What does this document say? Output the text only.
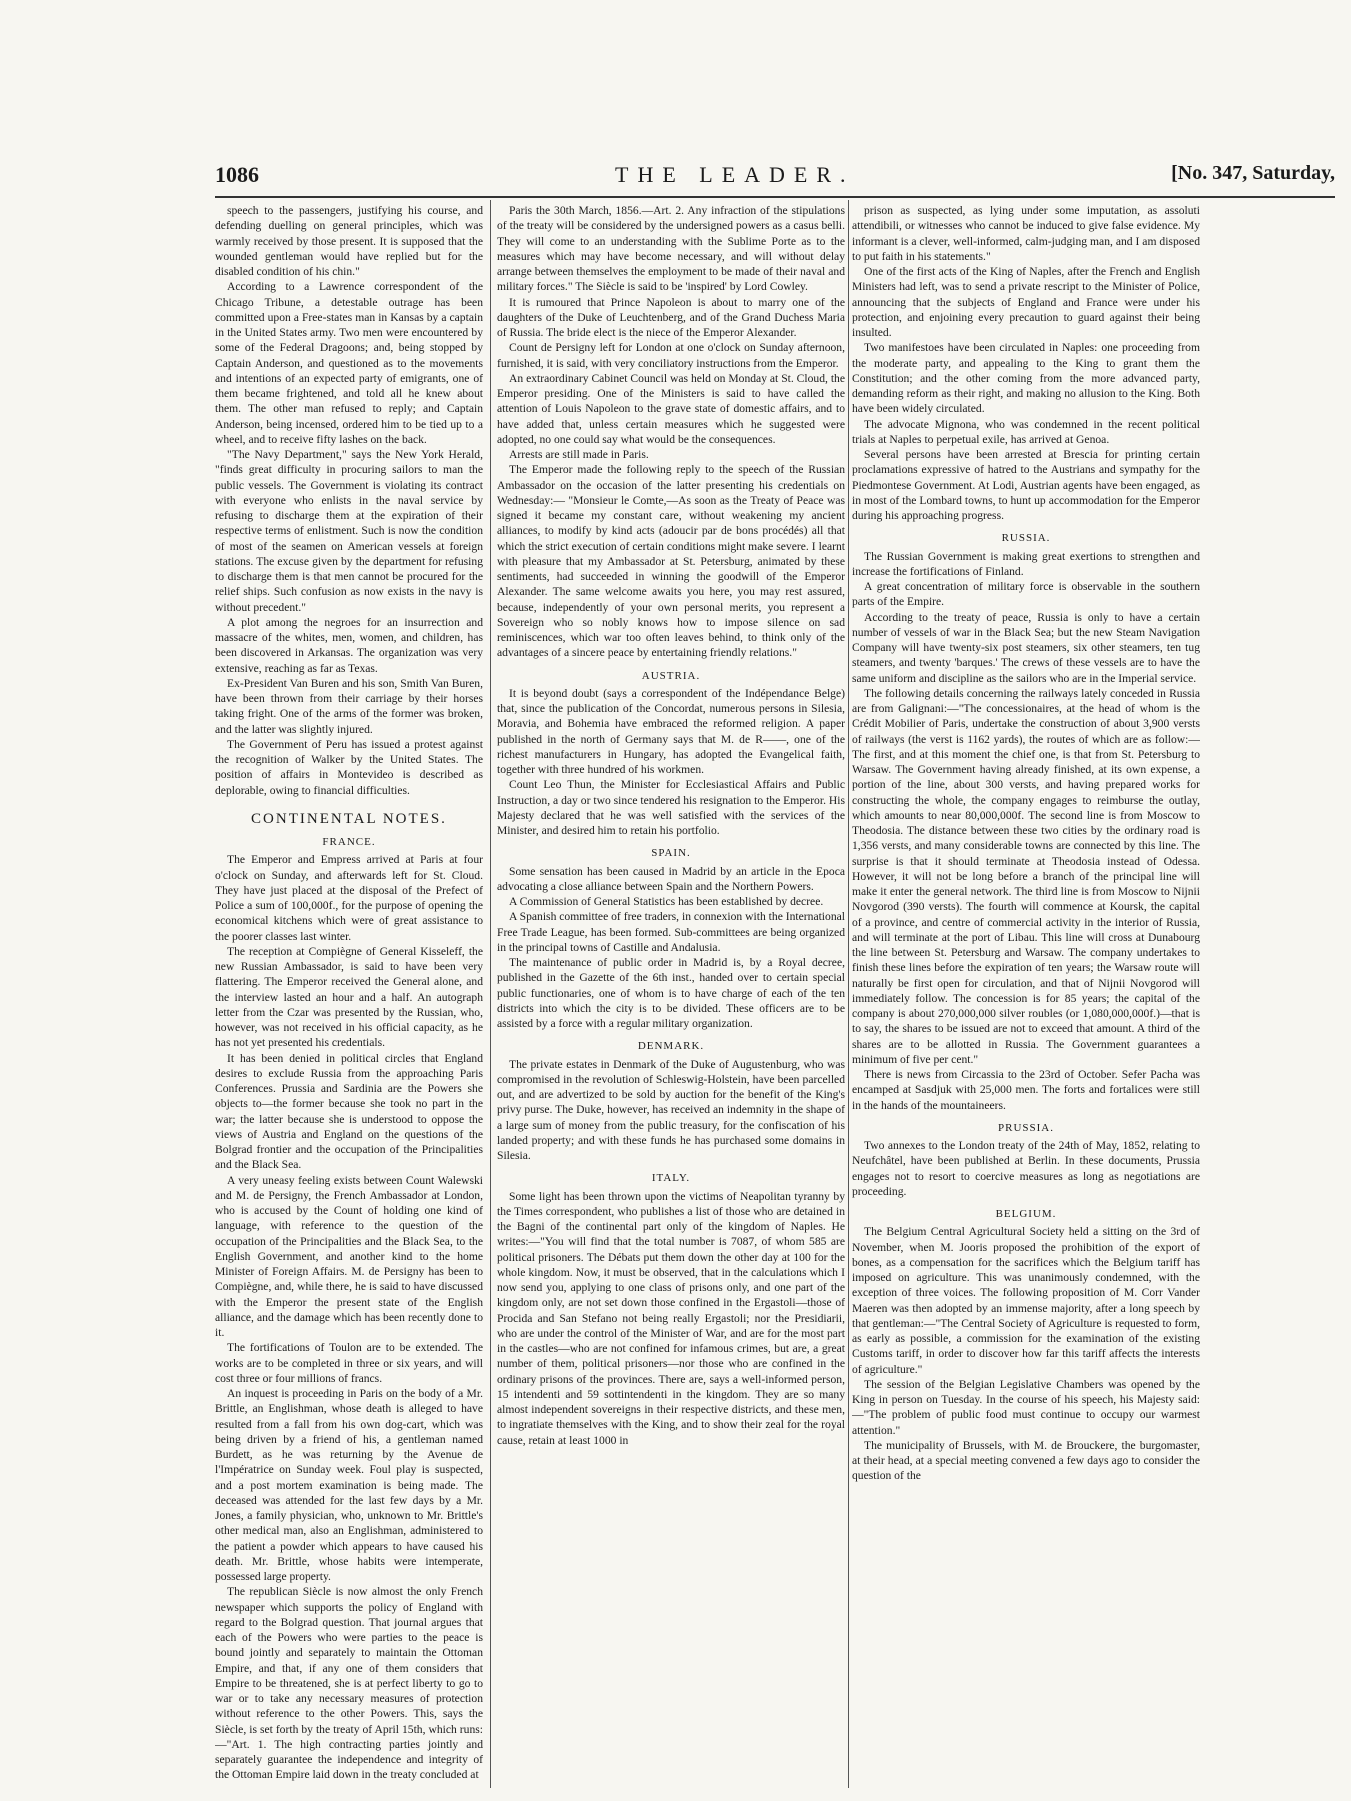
1086	THE LEADER.	[No. 347, Saturday,

speech to the passengers, justifying his course, and defending duelling on general principles, which was warmly received by those present. It is supposed that the wounded gentleman would have replied but for the disabled condition of his chin."

According to a Lawrence correspondent of the Chicago Tribune, a detestable outrage has been committed upon a Free-states man in Kansas by a captain in the United States army. Two men were encountered by some of the Federal Dragoons; and, being stopped by Captain Anderson, and questioned as to the movements and intentions of an expected party of emigrants, one of them became frightened, and told all he knew about them. The other man refused to reply; and Captain Anderson, being incensed, ordered him to be tied up to a wheel, and to receive fifty lashes on the back.

"The Navy Department," says the New York Herald, "finds great difficulty in procuring sailors to man the public vessels. The Government is violating its contract with everyone who enlists in the naval service by refusing to discharge them at the expiration of their respective terms of enlistment. Such is now the condition of most of the seamen on American vessels at foreign stations. The excuse given by the department for refusing to discharge them is that men cannot be procured for the relief ships. Such confusion as now exists in the navy is without precedent."

A plot among the negroes for an insurrection and massacre of the whites, men, women, and children, has been discovered in Arkansas. The organization was very extensive, reaching as far as Texas.

Ex-President Van Buren and his son, Smith Van Buren, have been thrown from their carriage by their horses taking fright. One of the arms of the former was broken, and the latter was slightly injured.

The Government of Peru has issued a protest against the recognition of Walker by the United States. The position of affairs in Montevideo is described as deplorable, owing to financial difficulties.

CONTINENTAL NOTES.
FRANCE.

The Emperor and Empress arrived at Paris at four o'clock on Sunday, and afterwards left for St. Cloud. They have just placed at the disposal of the Prefect of Police a sum of 100,000f., for the purpose of opening the economical kitchens which were of great assistance to the poorer classes last winter.

The reception at Compiègne of General Kisseleff, the new Russian Ambassador, is said to have been very flattering. The Emperor received the General alone, and the interview lasted an hour and a half. An autograph letter from the Czar was presented by the Russian, who, however, was not received in his official capacity, as he has not yet presented his credentials.

It has been denied in political circles that England desires to exclude Russia from the approaching Paris Conferences. Prussia and Sardinia are the Powers she objects to—the former because she took no part in the war; the latter because she is understood to oppose the views of Austria and England on the questions of the Bolgrad frontier and the occupation of the Principalities and the Black Sea.

A very uneasy feeling exists between Count Walewski and M. de Persigny, the French Ambassador at London, who is accused by the Count of holding one kind of language, with reference to the question of the occupation of the Principalities and the Black Sea, to the English Government, and another kind to the home Minister of Foreign Affairs. M. de Persigny has been to Compiègne, and, while there, he is said to have discussed with the Emperor the present state of the English alliance, and the damage which has been recently done to it.

The fortifications of Toulon are to be extended. The works are to be completed in three or six years, and will cost three or four millions of francs.

An inquest is proceeding in Paris on the body of a Mr. Brittle, an Englishman, whose death is alleged to have resulted from a fall from his own dog-cart, which was being driven by a friend of his, a gentleman named Burdett, as he was returning by the Avenue de l'Impératrice on Sunday week. Foul play is suspected, and a post mortem examination is being made. The deceased was attended for the last few days by a Mr. Jones, a family physician, who, unknown to Mr. Brittle's other medical man, also an Englishman, administered to the patient a powder which appears to have caused his death. Mr. Brittle, whose habits were intemperate, possessed large property.

The republican Siècle is now almost the only French newspaper which supports the policy of England with regard to the Bolgrad question. That journal argues that each of the Powers who were parties to the peace is bound jointly and separately to maintain the Ottoman Empire, and that, if any one of them considers that Empire to be threatened, she is at perfect liberty to go to war or to take any necessary measures of protection without reference to the other Powers. This, says the Siècle, is set forth by the treaty of April 15th, which runs:—"Art. 1. The high contracting parties jointly and separately guarantee the independence and integrity of the Ottoman Empire laid down in the treaty concluded at

Paris the 30th March, 1856.—Art. 2. Any infraction of the stipulations of the treaty will be considered by the undersigned powers as a casus belli. They will come to an understanding with the Sublime Porte as to the measures which may have become necessary, and will without delay arrange between themselves the employment to be made of their naval and military forces." The Siècle is said to be 'inspired' by Lord Cowley.

It is rumoured that Prince Napoleon is about to marry one of the daughters of the Duke of Leuchtenberg, and of the Grand Duchess Maria of Russia. The bride elect is the niece of the Emperor Alexander.

Count de Persigny left for London at one o'clock on Sunday afternoon, furnished, it is said, with very conciliatory instructions from the Emperor.

An extraordinary Cabinet Council was held on Monday at St. Cloud, the Emperor presiding. One of the Ministers is said to have called the attention of Louis Napoleon to the grave state of domestic affairs, and to have added that, unless certain measures which he suggested were adopted, no one could say what would be the consequences.

Arrests are still made in Paris.

The Emperor made the following reply to the speech of the Russian Ambassador on the occasion of the latter presenting his credentials on Wednesday:— "Monsieur le Comte,—As soon as the Treaty of Peace was signed it became my constant care, without weakening my ancient alliances, to modify by kind acts (adoucir par de bons procédés) all that which the strict execution of certain conditions might make severe. I learnt with pleasure that my Ambassador at St. Petersburg, animated by these sentiments, had succeeded in winning the goodwill of the Emperor Alexander. The same welcome awaits you here, you may rest assured, because, independently of your own personal merits, you represent a Sovereign who so nobly knows how to impose silence on sad reminiscences, which war too often leaves behind, to think only of the advantages of a sincere peace by entertaining friendly relations."

AUSTRIA.

It is beyond doubt (says a correspondent of the Indépendance Belge) that, since the publication of the Concordat, numerous persons in Silesia, Moravia, and Bohemia have embraced the reformed religion. A paper published in the north of Germany says that M. de R——, one of the richest manufacturers in Hungary, has adopted the Evangelical faith, together with three hundred of his workmen.

Count Leo Thun, the Minister for Ecclesiastical Affairs and Public Instruction, a day or two since tendered his resignation to the Emperor. His Majesty declared that he was well satisfied with the services of the Minister, and desired him to retain his portfolio.

SPAIN.

Some sensation has been caused in Madrid by an article in the Epoca advocating a close alliance between Spain and the Northern Powers.

A Commission of General Statistics has been established by decree.

A Spanish committee of free traders, in connexion with the International Free Trade League, has been formed. Sub-committees are being organized in the principal towns of Castille and Andalusia.

The maintenance of public order in Madrid is, by a Royal decree, published in the Gazette of the 6th inst., handed over to certain special public functionaries, one of whom is to have charge of each of the ten districts into which the city is to be divided. These officers are to be assisted by a force with a regular military organization.

DENMARK.

The private estates in Denmark of the Duke of Augustenburg, who was compromised in the revolution of Schleswig-Holstein, have been parcelled out, and are advertized to be sold by auction for the benefit of the King's privy purse. The Duke, however, has received an indemnity in the shape of a large sum of money from the public treasury, for the confiscation of his landed property; and with these funds he has purchased some domains in Silesia.

ITALY.

Some light has been thrown upon the victims of Neapolitan tyranny by the Times correspondent, who publishes a list of those who are detained in the Bagni of the continental part only of the kingdom of Naples. He writes:—"You will find that the total number is 7087, of whom 585 are political prisoners. The Débats put them down the other day at 100 for the whole kingdom. Now, it must be observed, that in the calculations which I now send you, applying to one class of prisons only, and one part of the kingdom only, are not set down those confined in the Ergastoli—those of Procida and San Stefano not being really Ergastoli; nor the Presidiarii, who are under the control of the Minister of War, and are for the most part in the castles—who are not confined for infamous crimes, but are, a great number of them, political prisoners—nor those who are confined in the ordinary prisons of the provinces. There are, says a well-informed person, 15 intendenti and 59 sottintendenti in the kingdom. They are so many almost independent sovereigns in their respective districts, and these men, to ingratiate themselves with the King, and to show their zeal for the royal cause, retain at least 1000 in

prison as suspected, as lying under some imputation, as assoluti attendibili, or witnesses who cannot be induced to give false evidence. My informant is a clever, well-informed, calm-judging man, and I am disposed to put faith in his statements."

One of the first acts of the King of Naples, after the French and English Ministers had left, was to send a private rescript to the Minister of Police, announcing that the subjects of England and France were under his protection, and enjoining every precaution to guard against their being insulted.

Two manifestoes have been circulated in Naples: one proceeding from the moderate party, and appealing to the King to grant them the Constitution; and the other coming from the more advanced party, demanding reform as their right, and making no allusion to the King. Both have been widely circulated.

The advocate Mignona, who was condemned in the recent political trials at Naples to perpetual exile, has arrived at Genoa.

Several persons have been arrested at Brescia for printing certain proclamations expressive of hatred to the Austrians and sympathy for the Piedmontese Government. At Lodi, Austrian agents have been engaged, as in most of the Lombard towns, to hunt up accommodation for the Emperor during his approaching progress.

RUSSIA.

The Russian Government is making great exertions to strengthen and increase the fortifications of Finland.

A great concentration of military force is observable in the southern parts of the Empire.

According to the treaty of peace, Russia is only to have a certain number of vessels of war in the Black Sea; but the new Steam Navigation Company will have twenty-six post steamers, six other steamers, ten tug steamers, and twenty 'barques.' The crews of these vessels are to have the same uniform and discipline as the sailors who are in the Imperial service.

The following details concerning the railways lately conceded in Russia are from Galignani:—"The concessionaires, at the head of whom is the Crédit Mobilier of Paris, undertake the construction of about 3,900 versts of railways (the verst is 1162 yards), the routes of which are as follow:—The first, and at this moment the chief one, is that from St. Petersburg to Warsaw. The Government having already finished, at its own expense, a portion of the line, about 300 versts, and having prepared works for constructing the whole, the company engages to reimburse the outlay, which amounts to near 80,000,000f. The second line is from Moscow to Theodosia. The distance between these two cities by the ordinary road is 1,356 versts, and many considerable towns are connected by this line. The surprise is that it should terminate at Theodosia instead of Odessa. However, it will not be long before a branch of the principal line will make it enter the general network. The third line is from Moscow to Nijnii Novgorod (390 versts). The fourth will commence at Koursk, the capital of a province, and centre of commercial activity in the interior of Russia, and will terminate at the port of Libau. This line will cross at Dunabourg the line between St. Petersburg and Warsaw. The company undertakes to finish these lines before the expiration of ten years; the Warsaw route will naturally be first open for circulation, and that of Nijnii Novgorod will immediately follow. The concession is for 85 years; the capital of the company is about 270,000,000 silver roubles (or 1,080,000,000f.)—that is to say, the shares to be issued are not to exceed that amount. A third of the shares are to be allotted in Russia. The Government guarantees a minimum of five per cent."

There is news from Circassia to the 23rd of October. Sefer Pacha was encamped at Sasdjuk with 25,000 men. The forts and fortalices were still in the hands of the mountaineers.

PRUSSIA.

Two annexes to the London treaty of the 24th of May, 1852, relating to Neufchâtel, have been published at Berlin. In these documents, Prussia engages not to resort to coercive measures as long as negotiations are proceeding.

BELGIUM.

The Belgium Central Agricultural Society held a sitting on the 3rd of November, when M. Jooris proposed the prohibition of the export of bones, as a compensation for the sacrifices which the Belgium tariff has imposed on agriculture. This was unanimously condemned, with the exception of three voices. The following proposition of M. Corr Vander Maeren was then adopted by an immense majority, after a long speech by that gentleman:—"The Central Society of Agriculture is requested to form, as early as possible, a commission for the examination of the existing Customs tariff, in order to discover how far this tariff affects the interests of agriculture."

The session of the Belgian Legislative Chambers was opened by the King in person on Tuesday. In the course of his speech, his Majesty said:—"The problem of public food must continue to occupy our warmest attention."

The municipality of Brussels, with M. de Brouckere, the burgomaster, at their head, at a special meeting convened a few days ago to consider the question of the
